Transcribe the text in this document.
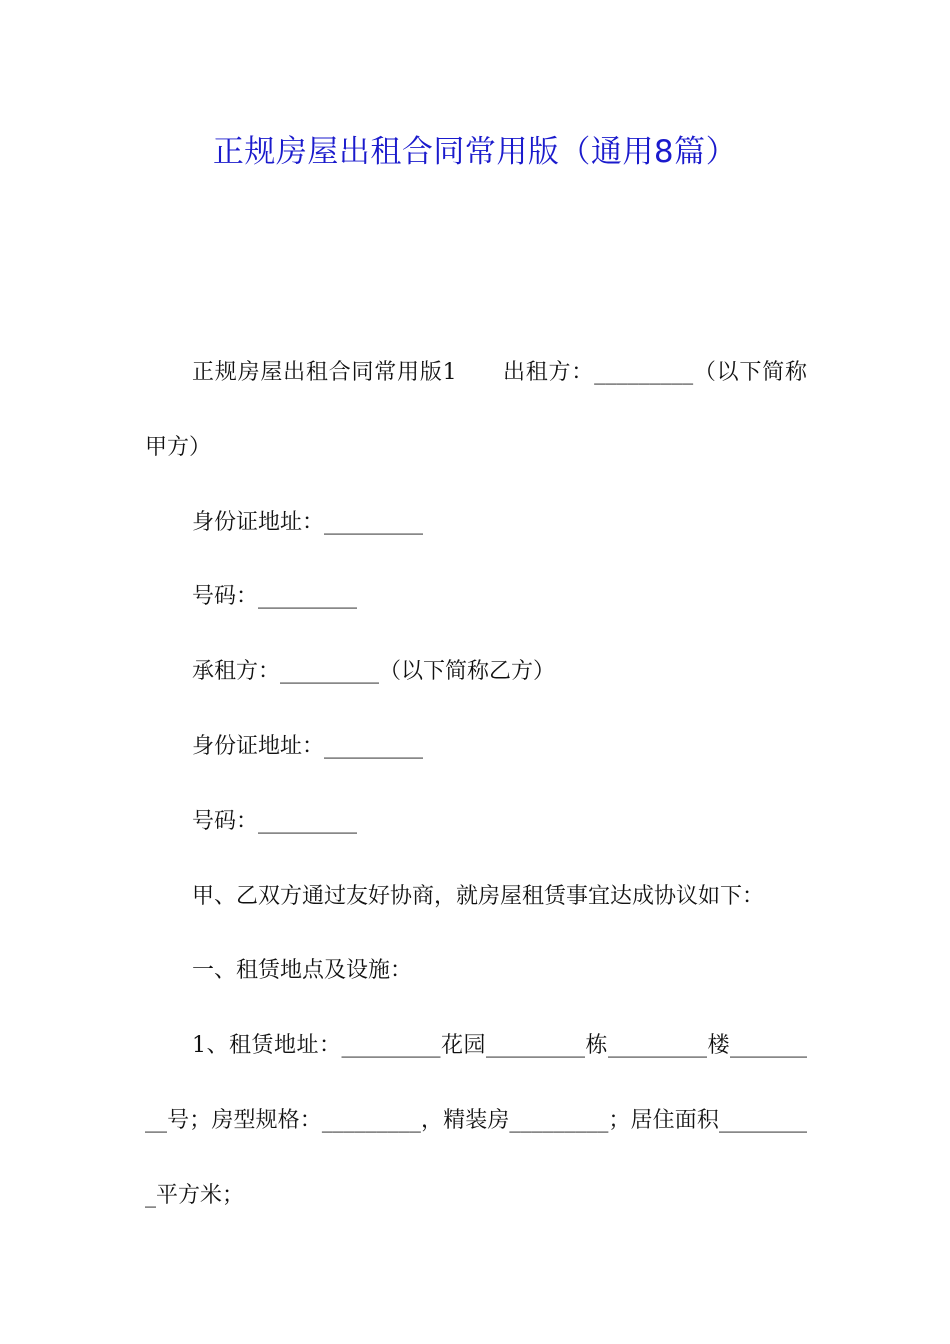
正规房屋出租合同常用版（通用8篇）

正规房屋出租合同常用版1　　出租方：_________（以下简称甲方）

身份证地址：_________

号码：_________

承租方：_________（以下简称乙方）

身份证地址：_________

号码：_________

甲、乙双方通过友好协商，就房屋租赁事宜达成协议如下：

一、租赁地点及设施：

1、租赁地址：_________花园_________栋_________楼_________号；房型规格：_________，精装房_________；居住面积_________平方米；
